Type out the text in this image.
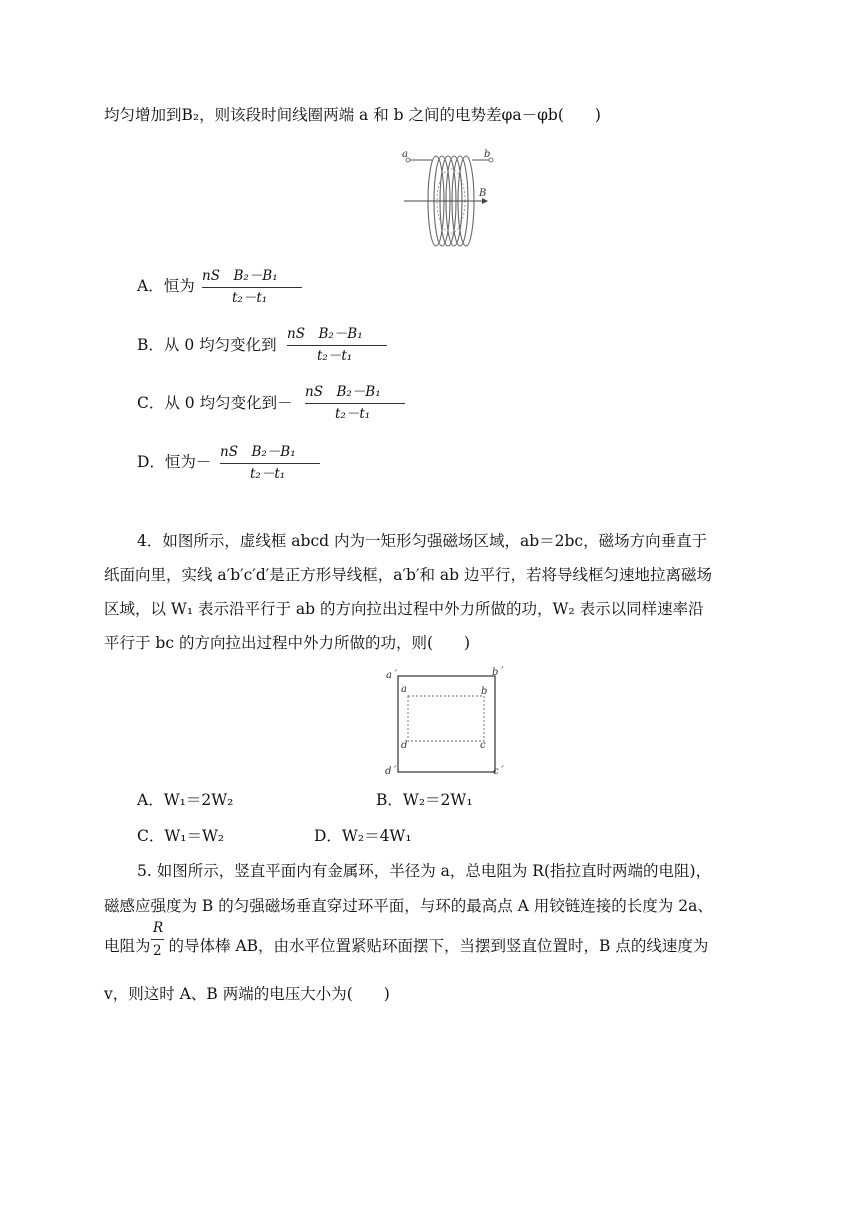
均匀增加到B₂，则该段时间线圈两端 a 和 b 之间的电势差φa－φb(　　)
a	b
B
A．恒为
nS　B₂－B₁
t₂－t₁
B．从 0 均匀变化到
nS　B₂－B₁
t₂－t₁
C．从 0 均匀变化到－
nS　B₂－B₁
t₂－t₁
D．恒为－
nS　B₂－B₁
t₂－t₁
4．如图所示，虚线框 abcd 内为一矩形匀强磁场区域，ab＝2bc，磁场方向垂直于
纸面向里，实线 a′b′c′d′是正方形导线框，a′b′和 ab 边平行，若将导线框匀速地拉离磁场
区域，以 W₁ 表示沿平行于 ab 的方向拉出过程中外力所做的功，W₂ 表示以同样速率沿
平行于 bc 的方向拉出过程中外力所做的功，则(　　)
a´	b´
c´
d´
a	b
c
d
A．W₁＝2W₂	B．W₂＝2W₁
C．W₁＝W₂	D．W₂＝4W₁
5. 如图所示，竖直平面内有金属环，半径为 a，总电阻为 R(指拉直时两端的电阻)，
磁感应强度为 B 的匀强磁场垂直穿过环平面，与环的最高点 A 用铰链连接的长度为 2a、
电阻为 的导体棒 AB，由水平位置紧贴环面摆下，当摆到竖直位置时，B 点的线速度为
R
2
v，则这时 A、B 两端的电压大小为(　　)
